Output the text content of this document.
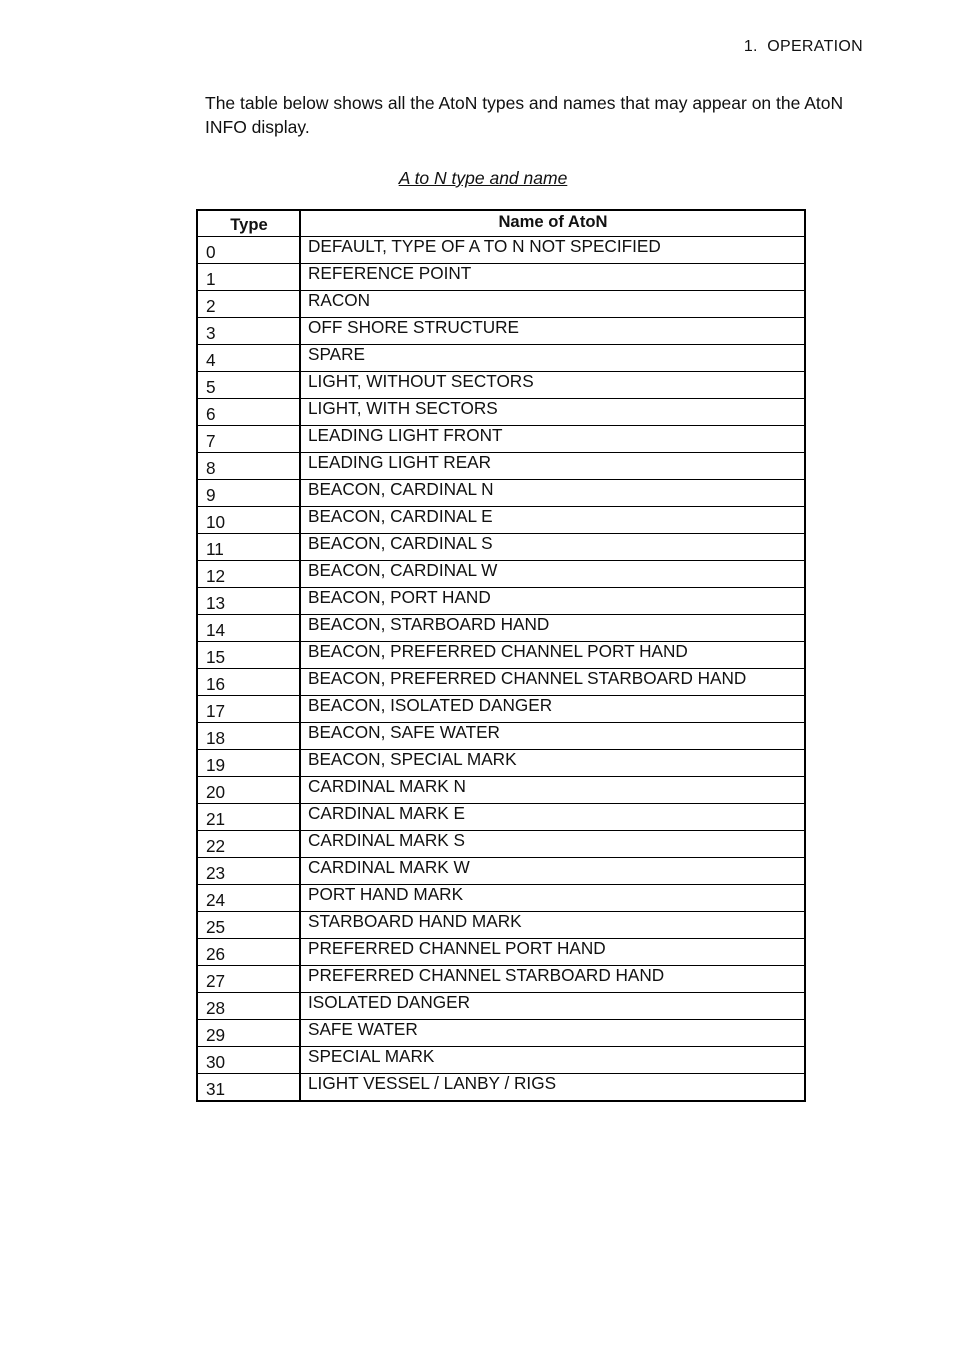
1.  OPERATION

The table below shows all the AtoN types and names that may appear on the AtoN INFO display.

A to N type and name
Type	Name of AtoN
0	DEFAULT, TYPE OF A TO N NOT SPECIFIED
1	REFERENCE POINT
2	RACON
3	OFF SHORE STRUCTURE
4	SPARE
5	LIGHT, WITHOUT SECTORS
6	LIGHT, WITH SECTORS
7	LEADING LIGHT FRONT
8	LEADING LIGHT REAR
9	BEACON, CARDINAL N
10	BEACON, CARDINAL E
11	BEACON, CARDINAL S
12	BEACON, CARDINAL W
13	BEACON, PORT HAND
14	BEACON, STARBOARD HAND
15	BEACON, PREFERRED CHANNEL PORT HAND
16	BEACON, PREFERRED CHANNEL STARBOARD HAND
17	BEACON, ISOLATED DANGER
18	BEACON, SAFE WATER
19	BEACON, SPECIAL MARK
20	CARDINAL MARK N
21	CARDINAL MARK E
22	CARDINAL MARK S
23	CARDINAL MARK W
24	PORT HAND MARK
25	STARBOARD HAND MARK
26	PREFERRED CHANNEL PORT HAND
27	PREFERRED CHANNEL STARBOARD HAND
28	ISOLATED DANGER
29	SAFE WATER
30	SPECIAL MARK
31	LIGHT VESSEL / LANBY / RIGS
